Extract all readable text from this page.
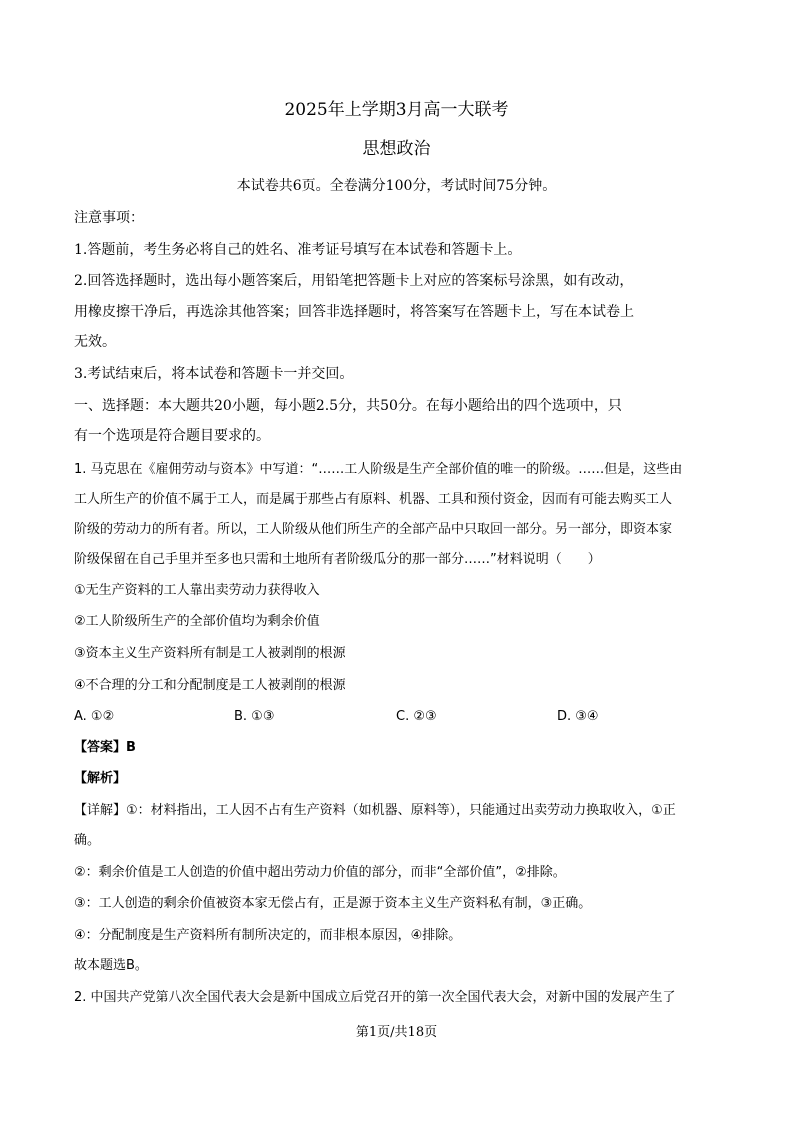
2025年上学期3月高一大联考
思想政治
本试卷共6页。全卷满分100分，考试时间75分钟。
注意事项：
1.答题前，考生务必将自己的姓名、准考证号填写在本试卷和答题卡上。
2.回答选择题时，选出每小题答案后，用铅笔把答题卡上对应的答案标号涂黑，如有改动，
用橡皮擦干净后，再选涂其他答案；回答非选择题时，将答案写在答题卡上，写在本试卷上
无效。
3.考试结束后，将本试卷和答题卡一并交回。
一、选择题：本大题共20小题，每小题2.5分，共50分。在每小题给出的四个选项中，只
有一个选项是符合题目要求的。
1. 马克思在《雇佣劳动与资本》中写道：“……工人阶级是生产全部价值的唯一的阶级。……但是，这些由
工人所生产的价值不属于工人，而是属于那些占有原料、机器、工具和预付资金，因而有可能去购买工人
阶级的劳动力的所有者。所以，工人阶级从他们所生产的全部产品中只取回一部分。另一部分，即资本家
阶级保留在自己手里并至多也只需和土地所有者阶级瓜分的那一部分……”材料说明（　　）
①无生产资料的工人靠出卖劳动力获得收入
②工人阶级所生产的全部价值均为剩余价值
③资本主义生产资料所有制是工人被剥削的根源
④不合理的分工和分配制度是工人被剥削的根源
A. ①②	B. ①③	C. ②③	D. ③④
【答案】B
【解析】
【详解】①：材料指出，工人因不占有生产资料（如机器、原料等），只能通过出卖劳动力换取收入，①正
确。
②：剩余价值是工人创造的价值中超出劳动力价值的部分，而非“全部价值”，②排除。
③：工人创造的剩余价值被资本家无偿占有，正是源于资本主义生产资料私有制，③正确。
④：分配制度是生产资料所有制所决定的，而非根本原因，④排除。
故本题选B。
2. 中国共产党第八次全国代表大会是新中国成立后党召开的第一次全国代表大会，对新中国的发展产生了
第1页/共18页
